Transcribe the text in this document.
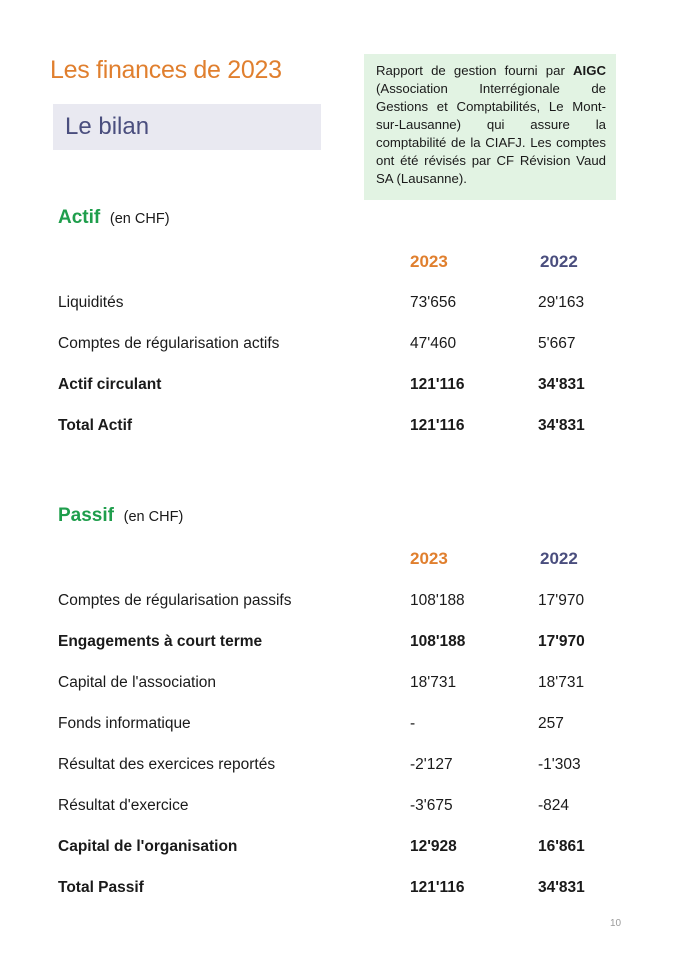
Les finances de 2023
Le bilan
Rapport de gestion fourni par AIGC (Association Interrégionale de Gestions et Comptabilités, Le Mont-sur-Lausanne) qui assure la comptabilité de la CIAFJ. Les comptes ont été révisés par CF Révision Vaud SA (Lausanne).
Actif (en CHF)
2023	2022
Liquidités	73'656	29'163
Comptes de régularisation actifs	47'460	5'667
Actif circulant	121'116	34'831
Total Actif	121'116	34'831
Passif (en CHF)
2023	2022
Comptes de régularisation passifs	108'188	17'970
Engagements à court terme	108'188	17'970
Capital de l'association	18'731	18'731
Fonds informatique	-	257
Résultat des exercices reportés	-2'127	-1'303
Résultat d'exercice	-3'675	-824
Capital de l'organisation	12'928	16'861
Total Passif	121'116	34'831
10
